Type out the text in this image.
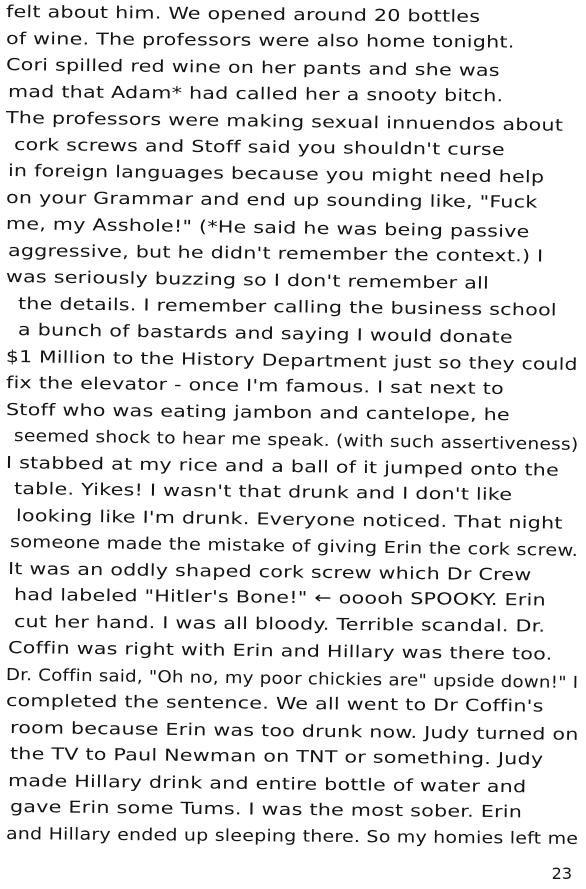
felt about him. We opened around 20 bottles
of wine. The professors were also home tonight.
Cori spilled red wine on her pants and she was
mad that Adam* had called her a snooty bitch.
The professors were making sexual innuendos about
cork screws and Stoff said you shouldn't curse
in foreign languages because you might need help
on your Grammar and end up sounding like, "Fuck
me, my Asshole!" (*He said he was being passive
aggressive, but he didn't remember the context.) I
was seriously buzzing so I don't remember all
the details. I remember calling the business school
a bunch of bastards and saying I would donate
$1 Million to the History Department just so they could
fix the elevator - once I'm famous. I sat next to
Stoff who was eating jambon and cantelope, he
seemed shock to hear me speak. (with such assertiveness)
I stabbed at my rice and a ball of it jumped onto the
table. Yikes! I wasn't that drunk and I don't like
looking like I'm drunk. Everyone noticed. That night
someone made the mistake of giving Erin the cork screw.
It was an oddly shaped cork screw which Dr Crew
had labeled "Hitler's Bone!" ← ooooh SPOOKY. Erin
cut her hand. I was all bloody. Terrible scandal. Dr.
Coffin was right with Erin and Hillary was there too.
Dr. Coffin said, "Oh no, my poor chickies are" upside down!" I
completed the sentence. We all went to Dr Coffin's
room because Erin was too drunk now. Judy turned on
the TV to Paul Newman on TNT or something. Judy
made Hillary drink and entire bottle of water and
gave Erin some Tums. I was the most sober. Erin
and Hillary ended up sleeping there. So my homies left me
23
